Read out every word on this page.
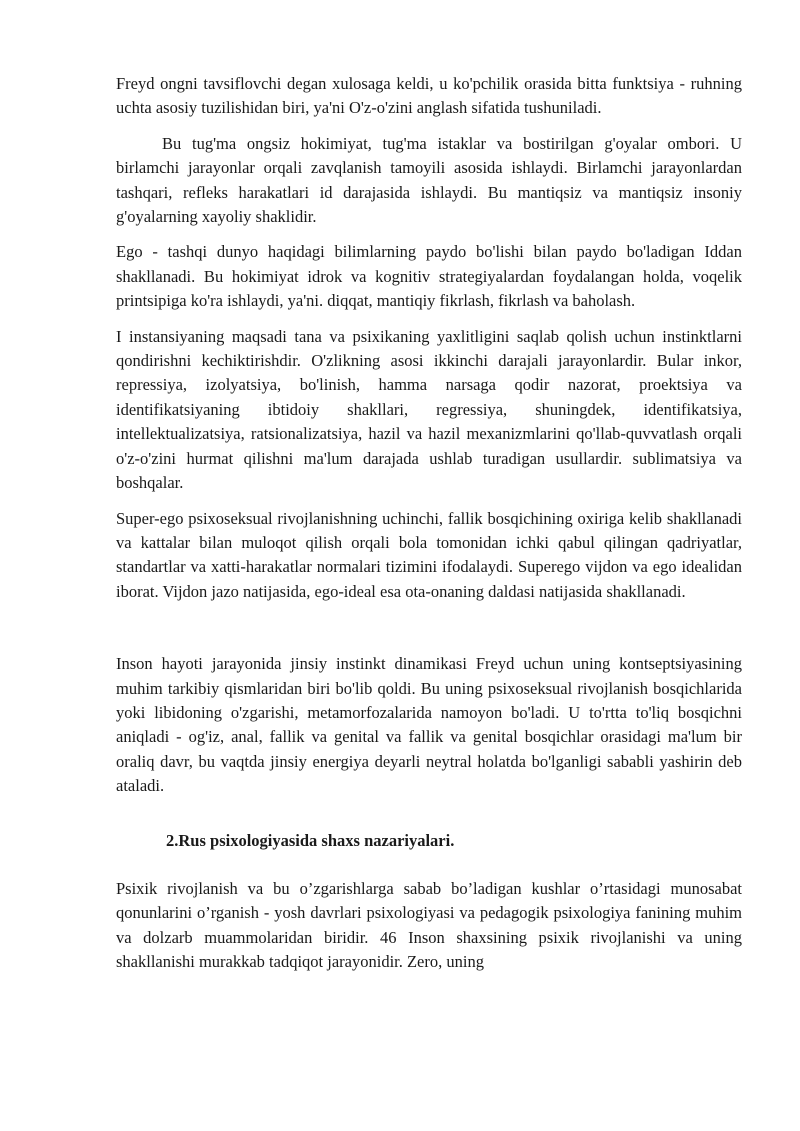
Freyd ongni tavsiflovchi degan xulosaga keldi, u ko'pchilik orasida bitta funktsiya - ruhning uchta asosiy tuzilishidan biri, ya'ni O'z-o'zini anglash sifatida tushuniladi.

Bu tug'ma ongsiz hokimiyat, tug'ma istaklar va bostirilgan g'oyalar ombori. U birlamchi jarayonlar orqali zavqlanish tamoyili asosida ishlaydi. Birlamchi jarayonlardan tashqari, refleks harakatlari id darajasida ishlaydi. Bu mantiqsiz va mantiqsiz insoniy g'oyalarning xayoliy shaklidir.

Ego - tashqi dunyo haqidagi bilimlarning paydo bo'lishi bilan paydo bo'ladigan Iddan shakllanadi. Bu hokimiyat idrok va kognitiv strategiyalardan foydalangan holda, voqelik printsipiga ko'ra ishlaydi, ya'ni. diqqat, mantiqiy fikrlash, fikrlash va baholash.

I instansiyaning maqsadi tana va psixikaning yaxlitligini saqlab qolish uchun instinktlarni qondirishni kechiktirishdir. O'zlikning asosi ikkinchi darajali jarayonlardir. Bular inkor, repressiya, izolyatsiya, bo'linish, hamma narsaga qodir nazorat, proektsiya va identifikatsiyaning ibtidoiy shakllari, regressiya, shuningdek, identifikatsiya, intellektualizatsiya, ratsionalizatsiya, hazil va hazil mexanizmlarini qo'llab-quvvatlash orqali o'z-o'zini hurmat qilishni ma'lum darajada ushlab turadigan usullardir. sublimatsiya va boshqalar.

Super-ego psixoseksual rivojlanishning uchinchi, fallik bosqichining oxiriga kelib shakllanadi va kattalar bilan muloqot qilish orqali bola tomonidan ichki qabul qilingan qadriyatlar, standartlar va xatti-harakatlar normalari tizimini ifodalaydi. Superego vijdon va ego idealidan iborat. Vijdon jazo natijasida, ego-ideal esa ota-onaning daldasi natijasida shakllanadi.

Inson hayoti jarayonida jinsiy instinkt dinamikasi Freyd uchun uning kontseptsiyasining muhim tarkibiy qismlaridan biri bo'lib qoldi. Bu uning psixoseksual rivojlanish bosqichlarida yoki libidoning o'zgarishi, metamorfozalarida namoyon bo'ladi. U to'rtta to'liq bosqichni aniqladi - og'iz, anal, fallik va genital va fallik va genital bosqichlar orasidagi ma'lum bir oraliq davr, bu vaqtda jinsiy energiya deyarli neytral holatda bo'lganligi sababli yashirin deb ataladi.

2.Rus psixologiyasida shaxs nazariyalari.

Psixik rivojlanish va bu o’zgarishlarga sabab bo’ladigan kushlar o’rtasidagi munosabat qonunlarini o’rganish - yosh davrlari psixologiyasi va pedagogik psixologiya fanining muhim va dolzarb muammolaridan biridir. 46 Inson shaxsining psixik rivojlanishi va uning shakllanishi murakkab tadqiqot jarayonidir. Zero, uning
